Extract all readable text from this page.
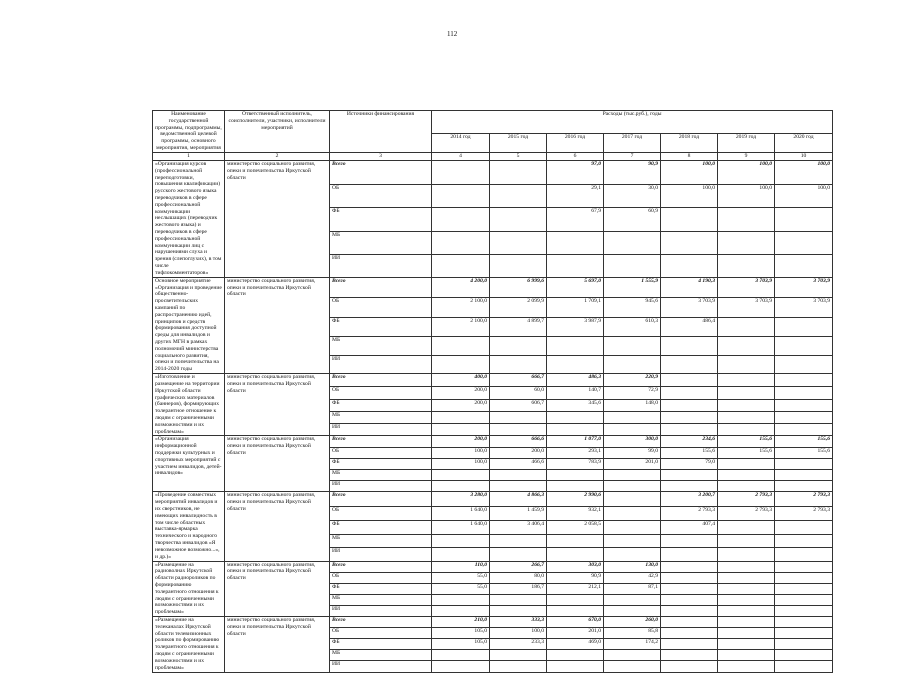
112
Наименование государственной программы, подпрограммы, ведомственной целевой программы, основного мероприятия, мероприятия	Ответственный исполнитель, соисполнители, участники, исполнители мероприятий	Источники финансирования	Расходы (тыс.руб.), годы						
			2014 год	2015 год	2016 год	2017 год	2018 год	2019 год	2020 год
1	2	3	4	5	6	7	8	9	10
«Организация курсов (профессиональной переподготовки, повышения квалификации) русского жестового языка переводчиков в сфере профессиональной коммуникации неслышащих (переводчик жестового языка) и переводчиков в сфере профессиональной коммуникации лиц с нарушениями слуха и зрения (слепоглухих), в том числе тифлокомментаторов»	министерство социального развития, опеки и попечительства Иркутской области	Всего			97,0	90,9	100,0	100,0	100,0
		ОБ			29,1	30,0	100,0	100,0	100,0
		ФБ			67,9	60,9			
		МБ							
		ИИ							
Основное мероприятие «Организация и проведение общественно-просветительских кампаний по распространению идей, принципов и средств формирования доступной среды для инвалидов и других МГН в рамках полномочий министерства социального развития, опеки и попечительства на 2014-2020 годы	министерство социального развития, опеки и попечительства Иркутской области	Всего	4 200,0	6 999,6	5 697,0	1 555,9	4 190,3	3 703,9	3 703,9
		ОБ	2 100,0	2 099,9	1 709,1	945,6	3 703,9	3 703,9	3 703,9
		ФБ	2 100,0	4 899,7	3 987,9	610,3	486,4		
		МБ							
		ИИ							
«Изготовление и размещение на территории Иркутской области графических материалов (баннеров), формирующих толерантное отношение к людям с ограниченными возможностями и их проблемам»	министерство социального развития, опеки и попечительства Иркутской области	Всего	400,0	666,7	486,3	220,9			
		ОБ	200,0	60,0	140,7	72,9			
		ФБ	200,0	606,7	345,6	148,0			
		МБ							
		ИИ							
«Организация информационной поддержки культурных и спортивных мероприятий с участием инвалидов, детей-инвалидов»	министерство социального развития, опеки и попечительства Иркутской области	Всего	200,0	666,6	1 077,0	300,0	234,6	155,6	155,6
		ОБ	100,0	200,0	293,1	99,0	155,6	155,6	155,6
		ФБ	100,0	466,6	783,9	201,0	79,0		
		МБ							
		ИИ							
«Проведение совместных мероприятий инвалидов и их сверстников, не имеющих инвалидность в том числе областных выставка-ярмарка технического и народного творчества инвалидов «Я невозможное возможно...», и др.)»	министерство социального развития, опеки и попечительства Иркутской области	Всего	3 280,0	4 866,3	2 990,6		3 200,7	2 793,3	2 793,3
		ОБ	1 640,0	1 459,9	932,1		2 793,3	2 793,3	2 793,3
		ФБ	1 640,0	3 406,4	2 058,5		407,4		
		МБ							
		ИИ							
«Размещение на радиоволнах Иркутской области радиороликов по формированию толерантного отношения к людям с ограниченными возможностями и их проблемам»	министерство социального развития, опеки и попечительства Иркутской области	Всего	110,0	266,7	303,0	130,0			
		ОБ	55,0	80,0	90,9	42,9			
		ФБ	55,0	186,7	212,1	87,1			
		МБ							
		ИИ							
«Размещение на телеканалах Иркутской области телевизионных роликов по формированию толерантного отношения к людям с ограниченными возможностями и их проблемам»	министерство социального развития, опеки и попечительства Иркутской области	Всего	210,0	333,3	670,0	260,0			
		ОБ	105,0	100,0	201,0	85,8			
		ФБ	105,0	233,3	469,0	174,2			
		МБ							
		ИИ							
